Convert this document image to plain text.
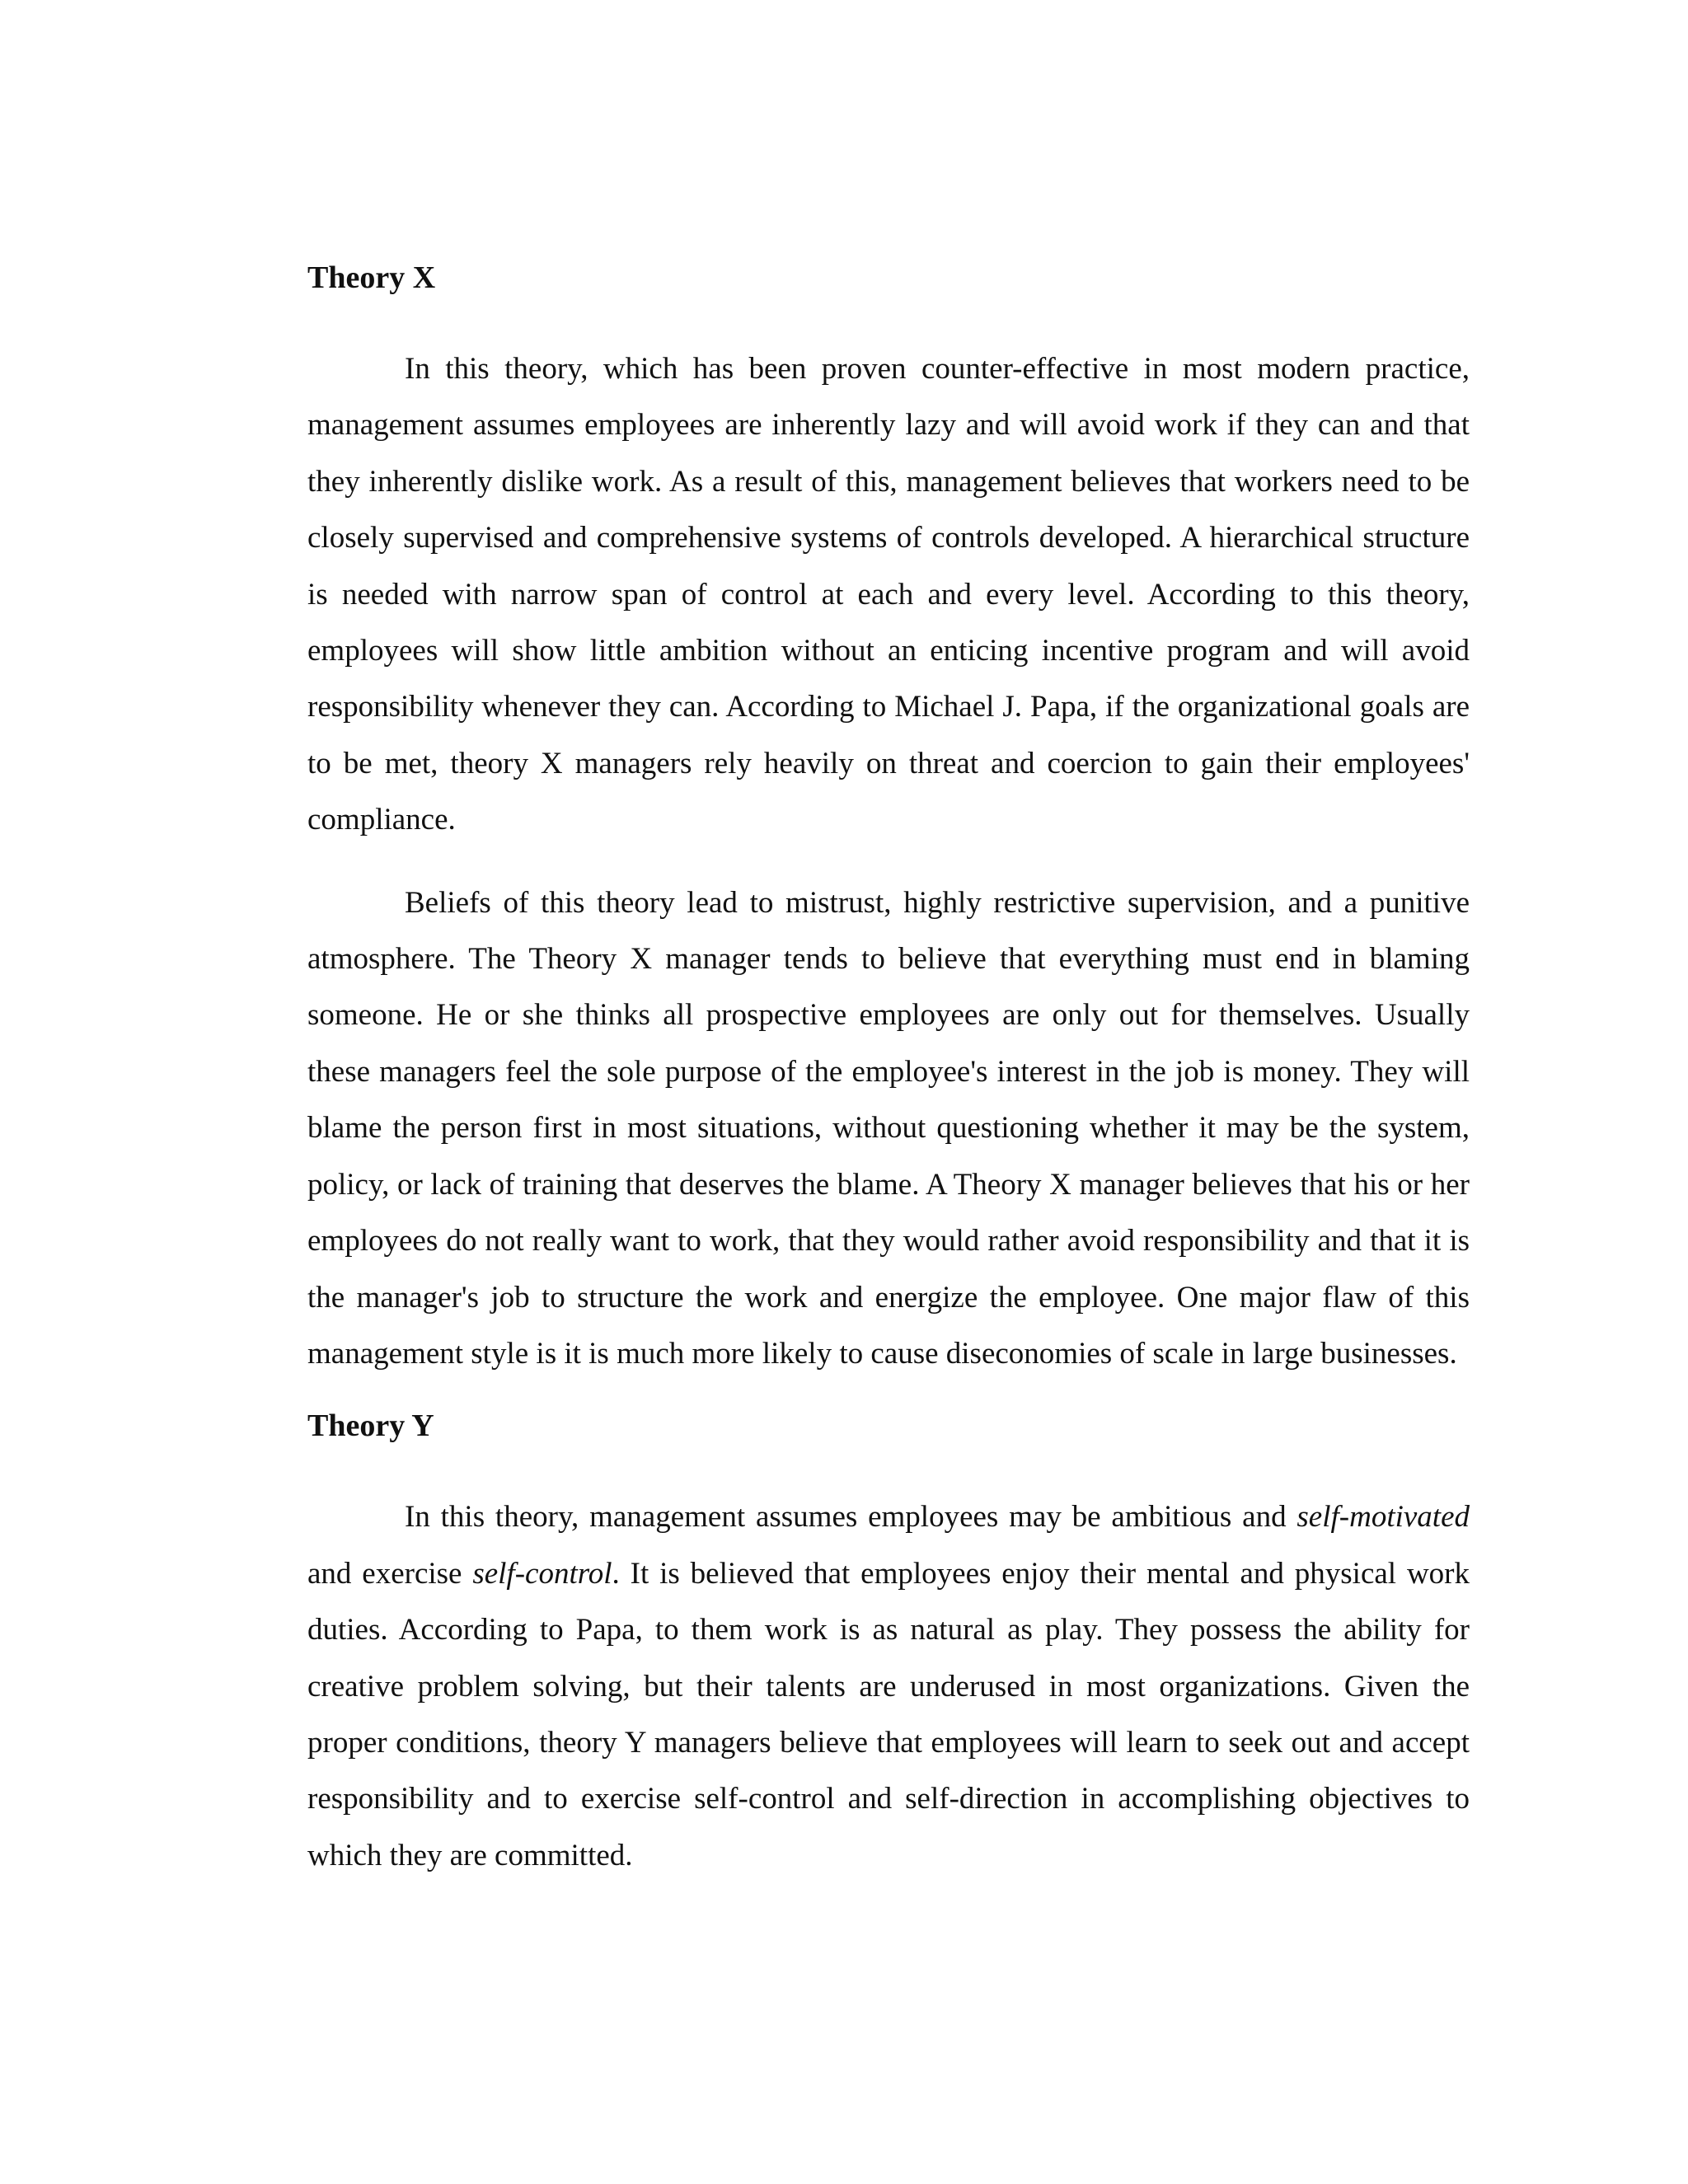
Theory X

In this theory, which has been proven counter-effective in most modern practice, management assumes employees are inherently lazy and will avoid work if they can and that they inherently dislike work. As a result of this, management believes that workers need to be closely supervised and comprehensive systems of controls developed. A hierarchical structure is needed with narrow span of control at each and every level. According to this theory, employees will show little ambition without an enticing incentive program and will avoid responsibility whenever they can. According to Michael J. Papa, if the organizational goals are to be met, theory X managers rely heavily on threat and coercion to gain their employees' compliance.

Beliefs of this theory lead to mistrust, highly restrictive supervision, and a punitive atmosphere. The Theory X manager tends to believe that everything must end in blaming someone. He or she thinks all prospective employees are only out for themselves. Usually these managers feel the sole purpose of the employee's interest in the job is money. They will blame the person first in most situations, without questioning whether it may be the system, policy, or lack of training that deserves the blame. A Theory X manager believes that his or her employees do not really want to work, that they would rather avoid responsibility and that it is the manager's job to structure the work and energize the employee. One major flaw of this management style is it is much more likely to cause diseconomies of scale in large businesses.

Theory Y

In this theory, management assumes employees may be ambitious and self-motivated and exercise self-control. It is believed that employees enjoy their mental and physical work duties. According to Papa, to them work is as natural as play. They possess the ability for creative problem solving, but their talents are underused in most organizations. Given the proper conditions, theory Y managers believe that employees will learn to seek out and accept responsibility and to exercise self-control and self-direction in accomplishing objectives to which they are committed.
